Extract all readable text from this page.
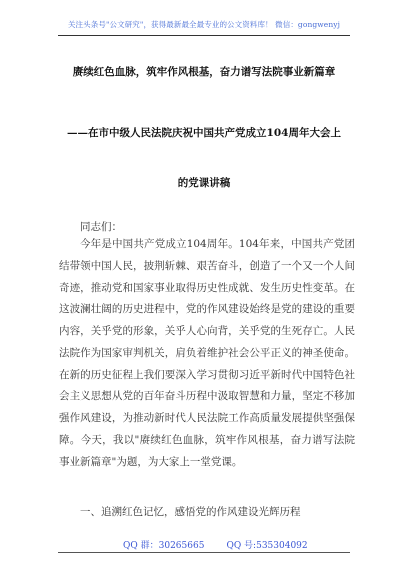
关注头条号"公文研究"，获得最新最全最专业的公文资料库！ 微信：gongwenyj
赓续红色血脉，筑牢作风根基，奋力谱写法院事业新篇章
——在市中级人民法院庆祝中国共产党成立104周年大会上
的党课讲稿
同志们：
今年是中国共产党成立104周年。104年来，中国共产党团结带领中国人民，披荆斩棘、艰苦奋斗，创造了一个又一个人间奇迹，推动党和国家事业取得历史性成就、发生历史性变革。在这波澜壮阔的历史进程中，党的作风建设始终是党的建设的重要内容，关乎党的形象，关乎人心向背，关乎党的生死存亡。人民法院作为国家审判机关，肩负着维护社会公平正义的神圣使命。在新的历史征程上我们要深入学习贯彻习近平新时代中国特色社会主义思想从党的百年奋斗历程中汲取智慧和力量，坚定不移加强作风建设，为推动新时代人民法院工作高质量发展提供坚强保障。今天，我以"赓续红色血脉，筑牢作风根基，奋力谱写法院事业新篇章"为题，为大家上一堂党课。
一、追溯红色记忆，感悟党的作风建设光辉历程
QQ 群：30265665 QQ 号:535304092
